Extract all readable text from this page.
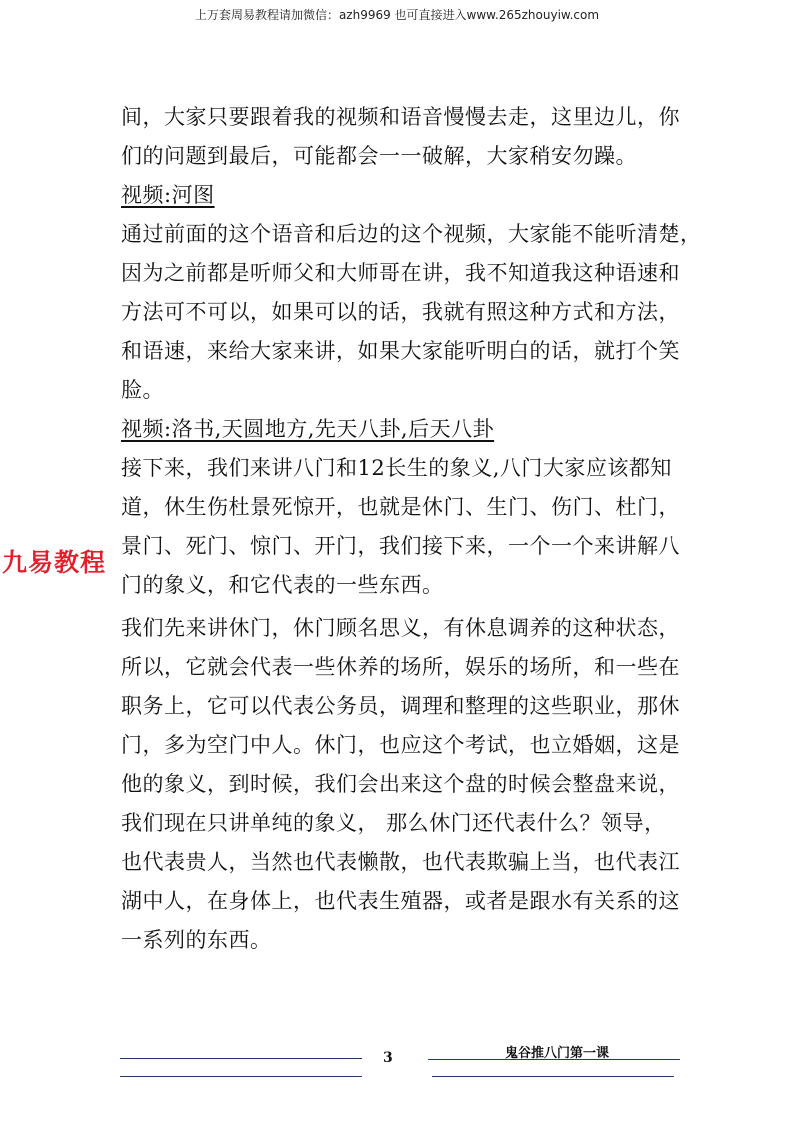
上万套周易教程请加微信：azh9969 也可直接进入www.265zhouyiw.com
间，大家只要跟着我的视频和语音慢慢去走，这里边儿，你
们的问题到最后，可能都会一一破解，大家稍安勿躁。
视频:河图
通过前面的这个语音和后边的这个视频，大家能不能听清楚，
因为之前都是听师父和大师哥在讲，我不知道我这种语速和
方法可不可以，如果可以的话，我就有照这种方式和方法，
和语速，来给大家来讲，如果大家能听明白的话，就打个笑
脸。
视频:洛书,天圆地方,先天八卦,后天八卦
接下来，我们来讲八门和12长生的象义,八门大家应该都知
道，休生伤杜景死惊开，也就是休门、生门、伤门、杜门，
景门、死门、惊门、开门，我们接下来，一个一个来讲解八
门的象义，和它代表的一些东西。
我们先来讲休门，休门顾名思义，有休息调养的这种状态，
所以，它就会代表一些休养的场所，娱乐的场所，和一些在
职务上，它可以代表公务员，调理和整理的这些职业，那休
门，多为空门中人。休门，也应这个考试，也立婚姻，这是
他的象义，到时候，我们会出来这个盘的时候会整盘来说，
我们现在只讲单纯的象义， 那么休门还代表什么？领导，
也代表贵人，当然也代表懒散，也代表欺骗上当，也代表江
湖中人，在身体上，也代表生殖器，或者是跟水有关系的这
一系列的东西。
九易教程
3	鬼谷推八门第一课
